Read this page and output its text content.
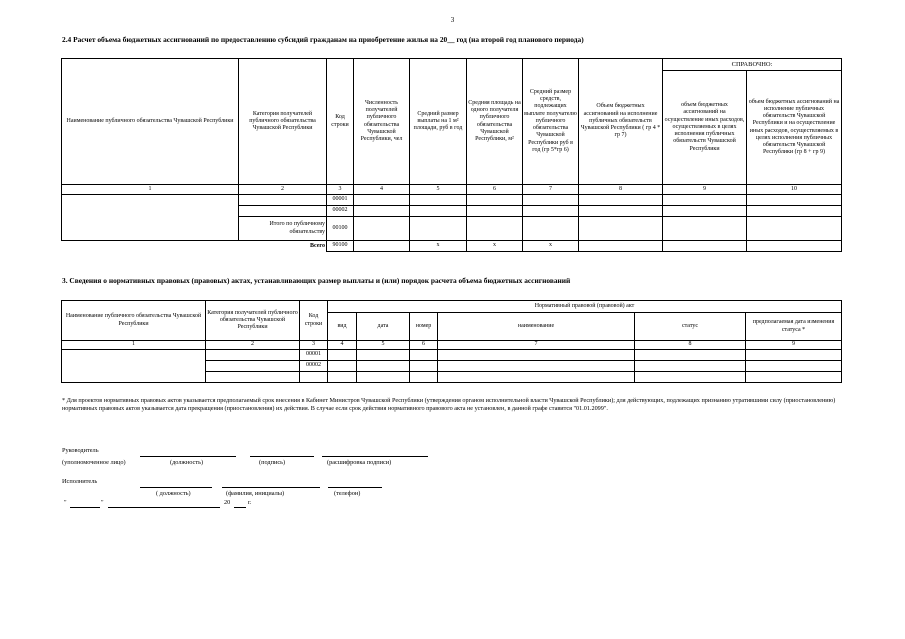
3
2.4 Расчет объема бюджетных ассигнований по предоставлению субсидий гражданам на приобретение жилья на 20__ год (на второй год планового периода)
Наименование публичного обязательства Чувашской Республики	Категория получателей публичного обязательства Чувашской Республики	Код строки	Численность получателей публичного обязательства Чувашской Республики, чел	Средний размер выплаты на 1 м² площади, руб в год	Средняя площадь на одного получателя публичного обязательства Чувашской Республики, м²	Средний размер средств, подлежащих выплате получателю публичного обязательства Чувашской Республики руб в год (гр 5*гр 6)	Объем бюджетных ассигнований на исполнение публичных обязательств Чувашской Республики ( гр 4 * гр 7)	СПРАВОЧНО:	
								объем бюджетных ассигнований на осуществление иных расходов, осуществляемых в целях исполнения публичных обязательств Чувашской Республики	объем бюджетных ассигнований на исполнение публичных обязательств Чувашской Республики и на осуществление иных расходов, осуществляемых в целях исполнения публичных обязательств Чувашской Республики (гр 8 + гр 9)
1	2	3	4	5	6	7	8	9	10
		00001							
		00002							
	Итого по публичному обязательству	00100							
Всего		90100		x	x	x			
3. Сведения о нормативных правовых (правовых) актах, устанавливающих размер выплаты и (или) порядок расчета объема бюджетных ассигнований
Наименование публичного обязательства Чувашской Республики	Категория получателей публичного обязательства Чувашской Республики	Код строки	Нормативный правовой (правовой) акт					
			вид	дата	номер	наименование	статус	предполагаемая дата изменения статуса *
1	2	3	4	5	6	7	8	9
		00001						
		00002						

* Для проектов нормативных правовых актов указывается предполагаемый срок внесения в Кабинет Министров Чувашской Республики (утверждения органом исполнительной власти Чувашской Республики); для действующих, подлежащих признанию утратившими силу (приостановлению) нормативных правовых актов указывается дата прекращения (приостановления) их действия. В случае если срок действия нормативного правового акта не установлен, в данной графе ставится "01.01.2099".
Руководитель
(уполномоченное лицо)	(должность)	(подпись)	(расшифровка подписи)
Исполнитель
( должность)	(фамилия, инициалы)	(телефон)
"	"	20	г.
